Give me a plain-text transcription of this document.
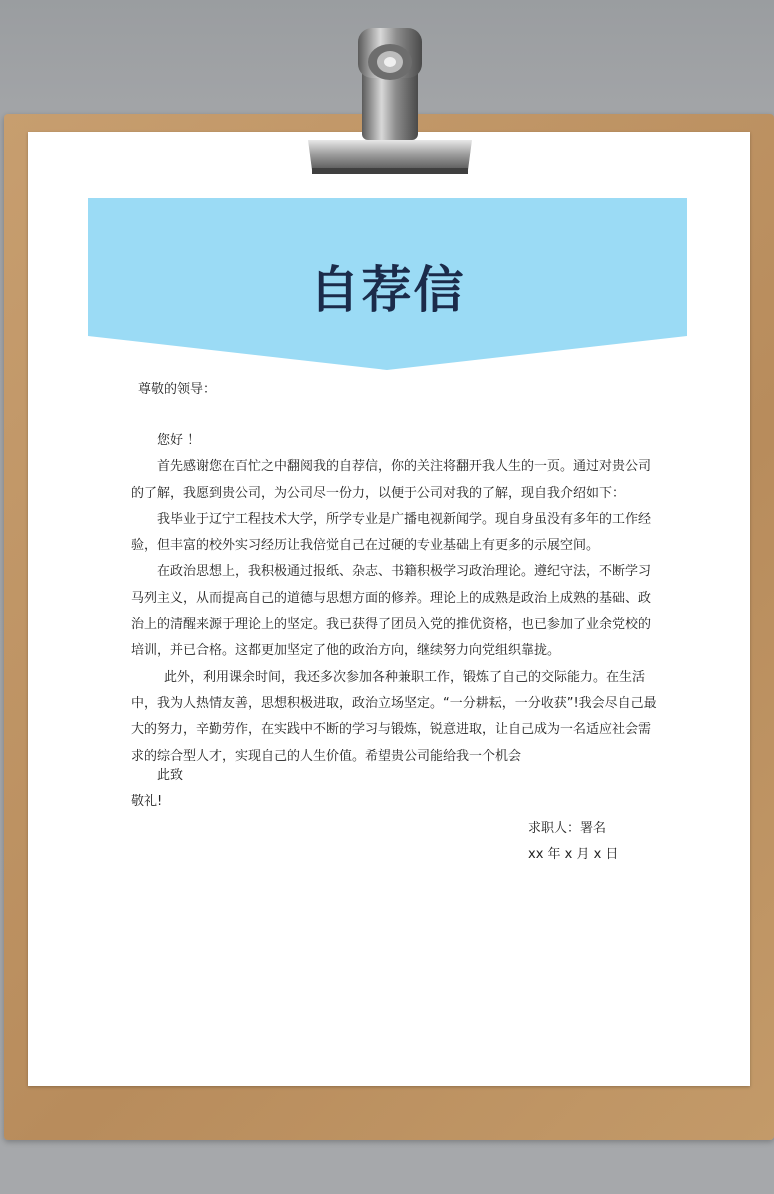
自荐信
尊敬的领导：

您好 ！

首先感谢您在百忙之中翻阅我的自荐信，你的关注将翻开我人生的一页。通过对贵公司的了解，我愿到贵公司，为公司尽一份力，以便于公司对我的了解，现自我介绍如下：

我毕业于辽宁工程技术大学，所学专业是广播电视新闻学。现自身虽没有多年的工作经验，但丰富的校外实习经历让我倍觉自己在过硬的专业基础上有更多的示展空间。

在政治思想上，我积极通过报纸、杂志、书籍积极学习政治理论。遵纪守法，不断学习马列主义，从而提高自己的道德与思想方面的修养。理论上的成熟是政治上成熟的基础、政治上的清醒来源于理论上的坚定。我已获得了团员入党的推优资格，也已参加了业余党校的培训，并已合格。这都更加坚定了他的政治方向，继续努力向党组织靠拢。

此外，利用课余时间，我还多次参加各种兼职工作，锻炼了自己的交际能力。在生活中，我为人热情友善，思想积极进取，政治立场坚定。“一分耕耘，一分收获”!我会尽自己最大的努力，辛勤劳作，在实践中不断的学习与锻炼，锐意进取，让自己成为一名适应社会需求的综合型人才，实现自己的人生价值。希望贵公司能给我一个机会

此致
敬礼!
求职人：署名
xx 年 x 月 x 日
